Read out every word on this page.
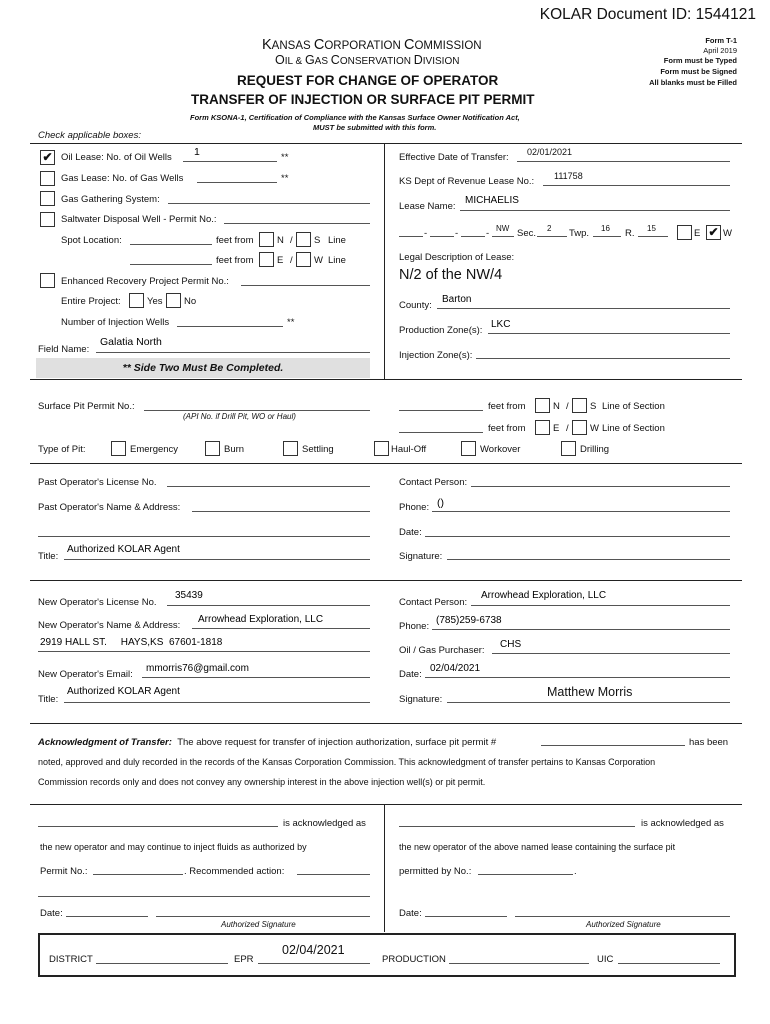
KOLAR Document ID: 1544121
KANSAS CORPORATION COMMISSION
OIL & GAS CONSERVATION DIVISION
REQUEST FOR CHANGE OF OPERATOR
TRANSFER OF INJECTION OR SURFACE PIT PERMIT
Form KSONA-1, Certification of Compliance with the Kansas Surface Owner Notification Act,
MUST be submitted with this form.
Form T-1
April 2019
Form must be Typed
Form must be Signed
All blanks must be Filled
Check applicable boxes:
✔ Oil Lease: No. of Oil Wells 1	**
Gas Lease: No. of Gas Wells	**
Gas Gathering System:
Saltwater Disposal Well - Permit No.:
Spot Location:	feet from N / S Line
feet from E / W Line
Enhanced Recovery Project Permit No.:
Entire Project:	Yes No
Number of Injection Wells	**
Field Name:
Galatia North
** Side Two Must Be Completed.
Effective Date of Transfer: 02/01/2021
KS Dept of Revenue Lease No.: 111758
Lease Name:
MICHAELIS
-	-	- NW Sec. 2 Twp. 16 R. 15	E ✔ W
Legal Description of Lease:
N/2 of the NW/4
County:
Barton
Production Zone(s):
LKC
Injection Zone(s):
Surface Pit Permit No.:
(API No. if Drill Pit, WO or Haul)
feet from	N / S Line of Section
feet from	E / W Line of Section
Type of Pit:	Emergency	Burn	Settling	Haul-Off	Workover	Drilling
Past Operator's License No.
Past Operator's Name & Address:
Title:
Authorized KOLAR Agent
Contact Person:
Phone: ()
Date:
Signature:
New Operator's License No.
35439
New Operator's Name & Address:
Arrowhead Exploration, LLC
2919 HALL ST.     HAYS,KS  67601-1818
New Operator's Email:
mmorris76@gmail.com
Title:
Authorized KOLAR Agent
Contact Person:
Arrowhead Exploration, LLC
Phone:
(785)259-6738
Oil / Gas Purchaser:
CHS
Date:
02/04/2021
Signature:
Matthew Morris
Acknowledgment of Transfer: The above request for transfer of injection authorization, surface pit permit #	has been
noted, approved and duly recorded in the records of the Kansas Corporation Commission. This acknowledgment of transfer pertains to Kansas Corporation
Commission records only and does not convey any ownership interest in the above injection well(s) or pit permit.
is acknowledged as
the new operator and may continue to inject fluids as authorized by
Permit No.:	. Recommended action:
Date:
Authorized Signature
is acknowledged as
the new operator of the above named lease containing the surface pit
permitted by No.:	.
Date:
Authorized Signature
DISTRICT	EPR
02/04/2021
PRODUCTION	UIC
